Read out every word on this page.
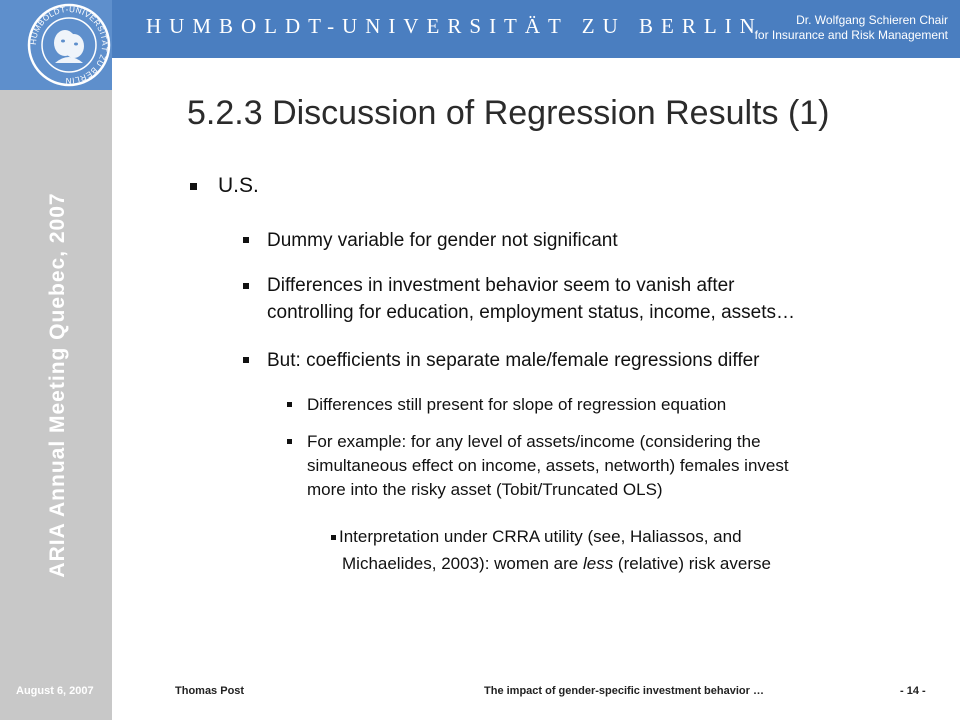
HUMBOLDT-UNIVERSITÄT ZU BERLIN
HUMBOLDT-UNIVERSITÄT ZU BERLIN	Dr. Wolfgang Schieren Chair
for Insurance and Risk Management
ARIA Annual Meeting Quebec, 2007
5.2.3 Discussion of Regression Results (1)
U.S.
Dummy variable for gender not significant
Differences in investment behavior seem to vanish after
controlling for education, employment status, income, assets…
But: coefficients in separate male/female regressions differ
Differences still present for slope of regression equation
For example: for any level of assets/income (considering the
simultaneous effect on income, assets, networth) females invest
more into the risky asset (Tobit/Truncated OLS)
Interpretation under CRRA utility (see, Haliassos, and
Michaelides, 2003): women are less (relative) risk averse
August 6, 2007	Thomas Post	The impact of gender-specific investment behavior …	- 14 -
